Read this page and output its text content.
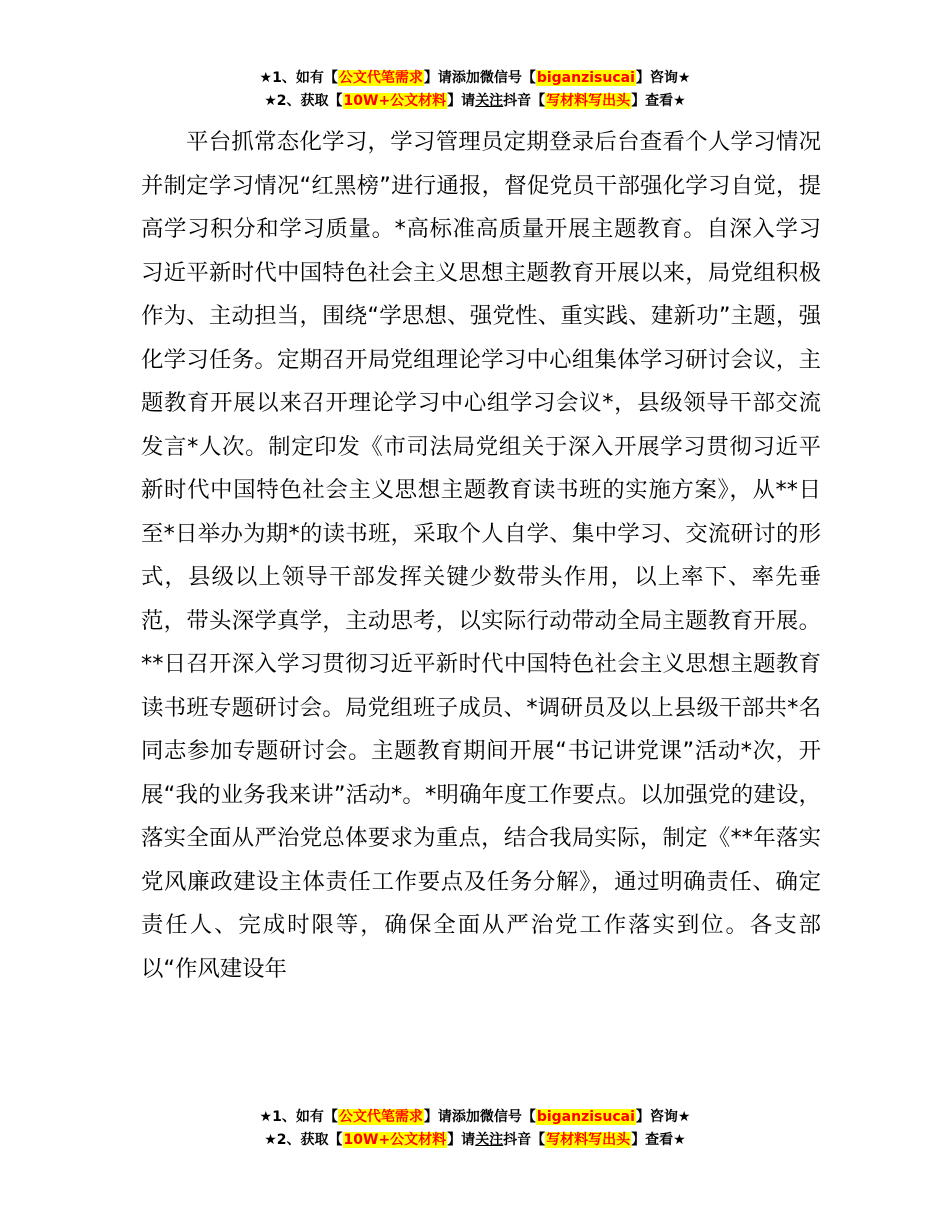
★1、如有【公文代笔需求】请添加微信号【biganzisucai】咨询★
★2、获取【10W+公文材料】请关注抖音【写材料写出头】查看★

平台抓常态化学习，学习管理员定期登录后台查看个人学习情况并制定学习情况“红黑榜”进行通报，督促党员干部强化学习自觉，提高学习积分和学习质量。*高标准高质量开展主题教育。自深入学习习近平新时代中国特色社会主义思想主题教育开展以来，局党组积极作为、主动担当，围绕“学思想、强党性、重实践、建新功”主题，强化学习任务。定期召开局党组理论学习中心组集体学习研讨会议，主题教育开展以来召开理论学习中心组学习会议*，县级领导干部交流发言*人次。制定印发《市司法局党组关于深入开展学习贯彻习近平新时代中国特色社会主义思想主题教育读书班的实施方案》，从**日至*日举办为期*的读书班，采取个人自学、集中学习、交流研讨的形式，县级以上领导干部发挥关键少数带头作用，以上率下、率先垂范，带头深学真学，主动思考，以实际行动带动全局主题教育开展。**日召开深入学习贯彻习近平新时代中国特色社会主义思想主题教育读书班专题研讨会。局党组班子成员、*调研员及以上县级干部共*名同志参加专题研讨会。主题教育期间开展“书记讲党课”活动*次，开展“我的业务我来讲”活动*。*明确年度工作要点。以加强党的建设，落实全面从严治党总体要求为重点，结合我局实际，制定《**年落实党风廉政建设主体责任工作要点及任务分解》，通过明确责任、确定责任人、完成时限等，确保全面从严治党工作落实到位。各支部以“作风建设年

★1、如有【公文代笔需求】请添加微信号【biganzisucai】咨询★
★2、获取【10W+公文材料】请关注抖音【写材料写出头】查看★
